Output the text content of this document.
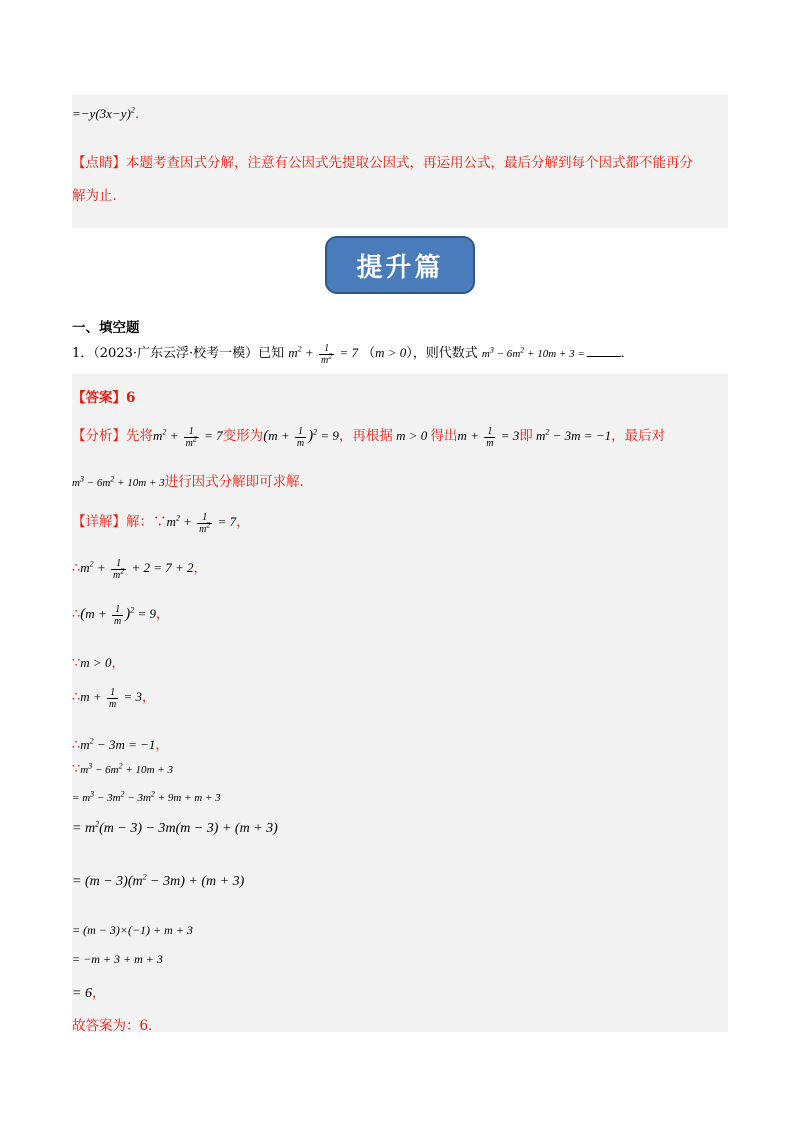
$=-y(3x-y)^2$．
【点睛】本题考查因式分解，注意有公因式先提取公因式，再运用公式，最后分解到每个因式都不能再分
解为止．
提升篇
一、填空题
1．（2023·广东云浮·校考一模）已知 $m^2 + \frac{1}{m^2} = 7$ （m > 0），则代数式 $m^3 - 6m^2 + 10m + 3$ =	．
【答案】6
【分析】先将$m^2 + \frac{1}{m^2} = 7$变形为$(m + \frac{1}{m} )^2 = 9$，再根据 m > 0 得出$m + \frac{1}{m} = 3$即 $m^2 - 3m = -1$，最后对
$m^3 - 6m^2 + 10m + 3$进行因式分解即可求解．
【详解】解：$\because m^2 + \frac{1}{m^2} = 7$，
$\therefore m^2 + \frac{1}{m^2} + 2 = 7 + 2$，
∴(m + $\frac{1}{m} )^2 = 9$，
∵m > 0，
∴m + $\frac{1}{m} = 3$，
$\therefore m^2 - 3m = -1$，
$\because m^3 - 6m^2 + 10m + 3$
= $m^3 - 3m^2 - 3m^2 + 9m + m + 3$
= $m^2(m - 3) - 3m(m - 3) + (m + 3)$
= $(m - 3)(m^2 - 3m) + (m + 3)$
= (m − 3)×(−1) + m + 3
= −m + 3 + m + 3
= 6，
故答案为：6．
